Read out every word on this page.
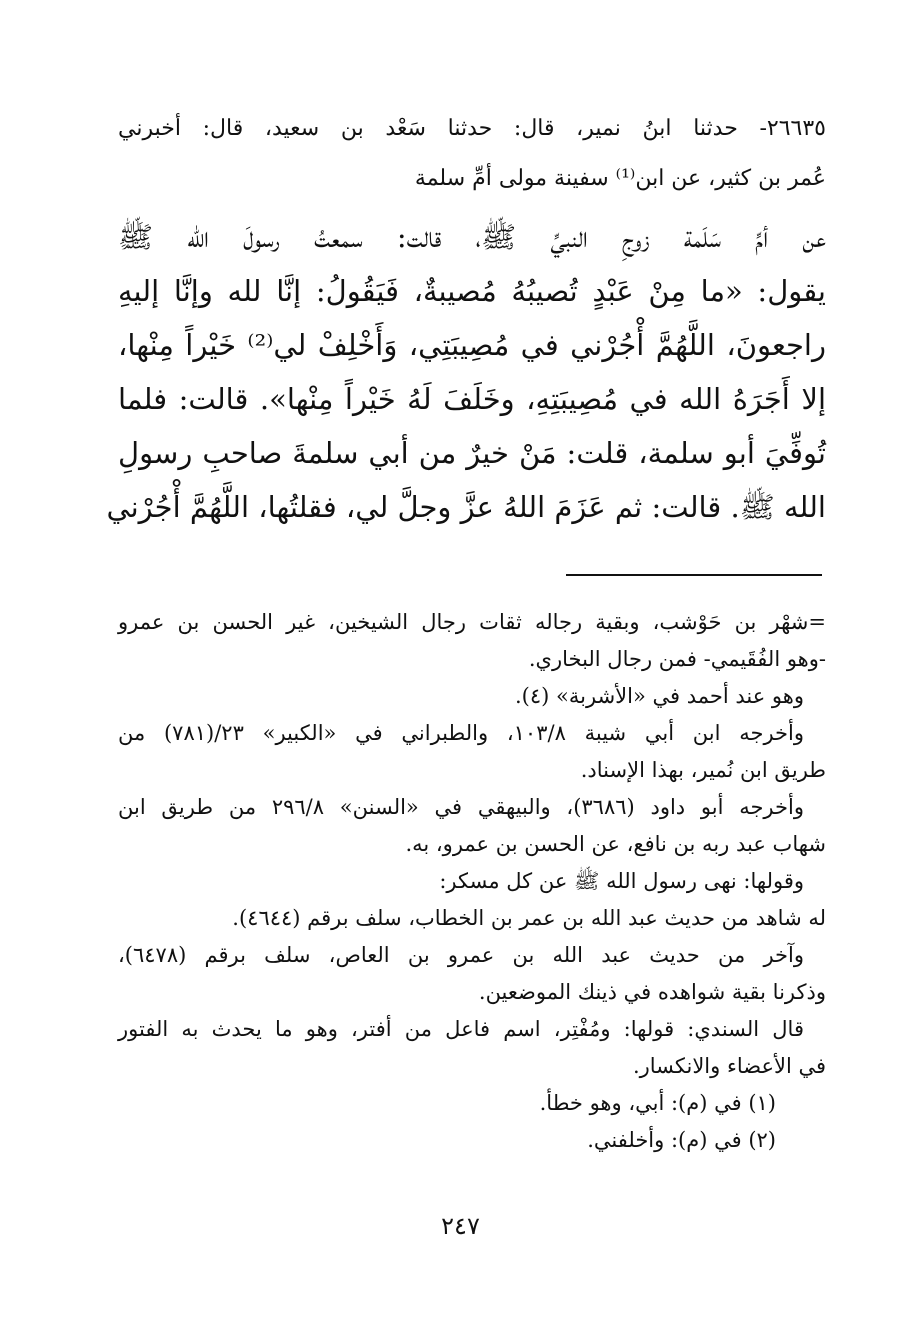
٢٦٦٣٥- حدثنا ابنُ نمير، قال: حدثنا سَعْد بن سعيد، قال: أخبرني
عُمر بن كثير، عن ابن⁽¹⁾ سفينة مولى أمِّ سلمة
عن أمِّ سَلَمة زوجِ النبيِّ ﷺ، قالت: سمعتُ رسولَ الله ﷺ
يقول: «ما مِنْ عَبْدٍ تُصيبُهُ مُصيبةٌ، فَيَقُولُ: إنَّا لله وإنَّا إليهِ
راجعونَ، اللَّهُمَّ أْجُرْني في مُصِيبَتِي، وَأَخْلِفْ لي⁽²⁾ خَيْراً مِنْها،
إلا أَجَرَهُ الله في مُصِيبَتِهِ، وخَلَفَ لَهُ خَيْراً مِنْها». قالت: فلما
تُوفِّيَ أبو سلمة، قلت: مَنْ خيرٌ من أبي سلمةَ صاحبِ رسولِ
الله ﷺ. قالت: ثم عَزَمَ اللهُ عزَّ وجلَّ لي، فقلتُها، اللَّهُمَّ أْجُرْني
=شهْر بن حَوْشب، وبقية رجاله ثقات رجال الشيخين، غير الحسن بن عمرو
-وهو الفُقَيمي- فمن رجال البخاري.
وهو عند أحمد في «الأشربة» (٤).
وأخرجه ابن أبي شيبة ١٠٣/٨، والطبراني في «الكبير» ٢٣/(٧٨١) من
طريق ابن نُمير، بهذا الإسناد.
وأخرجه أبو داود (٣٦٨٦)، والبيهقي في «السنن» ٢٩٦/٨ من طريق ابن
شهاب عبد ربه بن نافع، عن الحسن بن عمرو، به.
وقولها: نهى رسول الله ﷺ عن كل مسكر:
له شاهد من حديث عبد الله بن عمر بن الخطاب، سلف برقم (٤٦٤٤).
وآخر من حديث عبد الله بن عمرو بن العاص، سلف برقم (٦٤٧٨)،
وذكرنا بقية شواهده في ذينك الموضعين.
قال السندي: قولها: ومُفْتِر، اسم فاعل من أفتر، وهو ما يحدث به الفتور
في الأعضاء والانكسار.
(١) في (م): أبي، وهو خطأ.
(٢) في (م): وأخلفني.
٢٤٧
